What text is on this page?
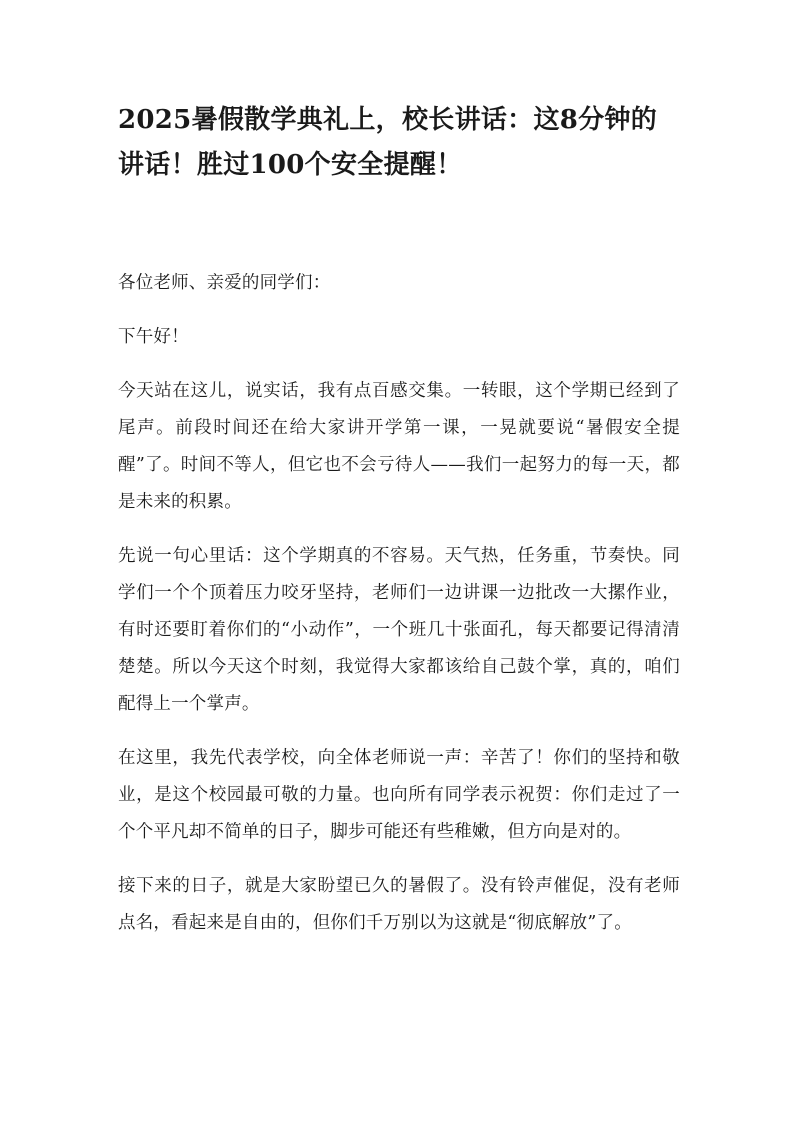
2025暑假散学典礼上，校长讲话：这8分钟的讲话！胜过100个安全提醒！

各位老师、亲爱的同学们：

下午好！

今天站在这儿，说实话，我有点百感交集。一转眼，这个学期已经到了尾声。前段时间还在给大家讲开学第一课，一晃就要说“暑假安全提醒”了。时间不等人，但它也不会亏待人——我们一起努力的每一天，都是未来的积累。

先说一句心里话：这个学期真的不容易。天气热，任务重，节奏快。同学们一个个顶着压力咬牙坚持，老师们一边讲课一边批改一大摞作业，有时还要盯着你们的“小动作”，一个班几十张面孔，每天都要记得清清楚楚。所以今天这个时刻，我觉得大家都该给自己鼓个掌，真的，咱们配得上一个掌声。

在这里，我先代表学校，向全体老师说一声：辛苦了！你们的坚持和敬业，是这个校园最可敬的力量。也向所有同学表示祝贺：你们走过了一个个平凡却不简单的日子，脚步可能还有些稚嫩，但方向是对的。

接下来的日子，就是大家盼望已久的暑假了。没有铃声催促，没有老师点名，看起来是自由的，但你们千万别以为这就是“彻底解放”了。
